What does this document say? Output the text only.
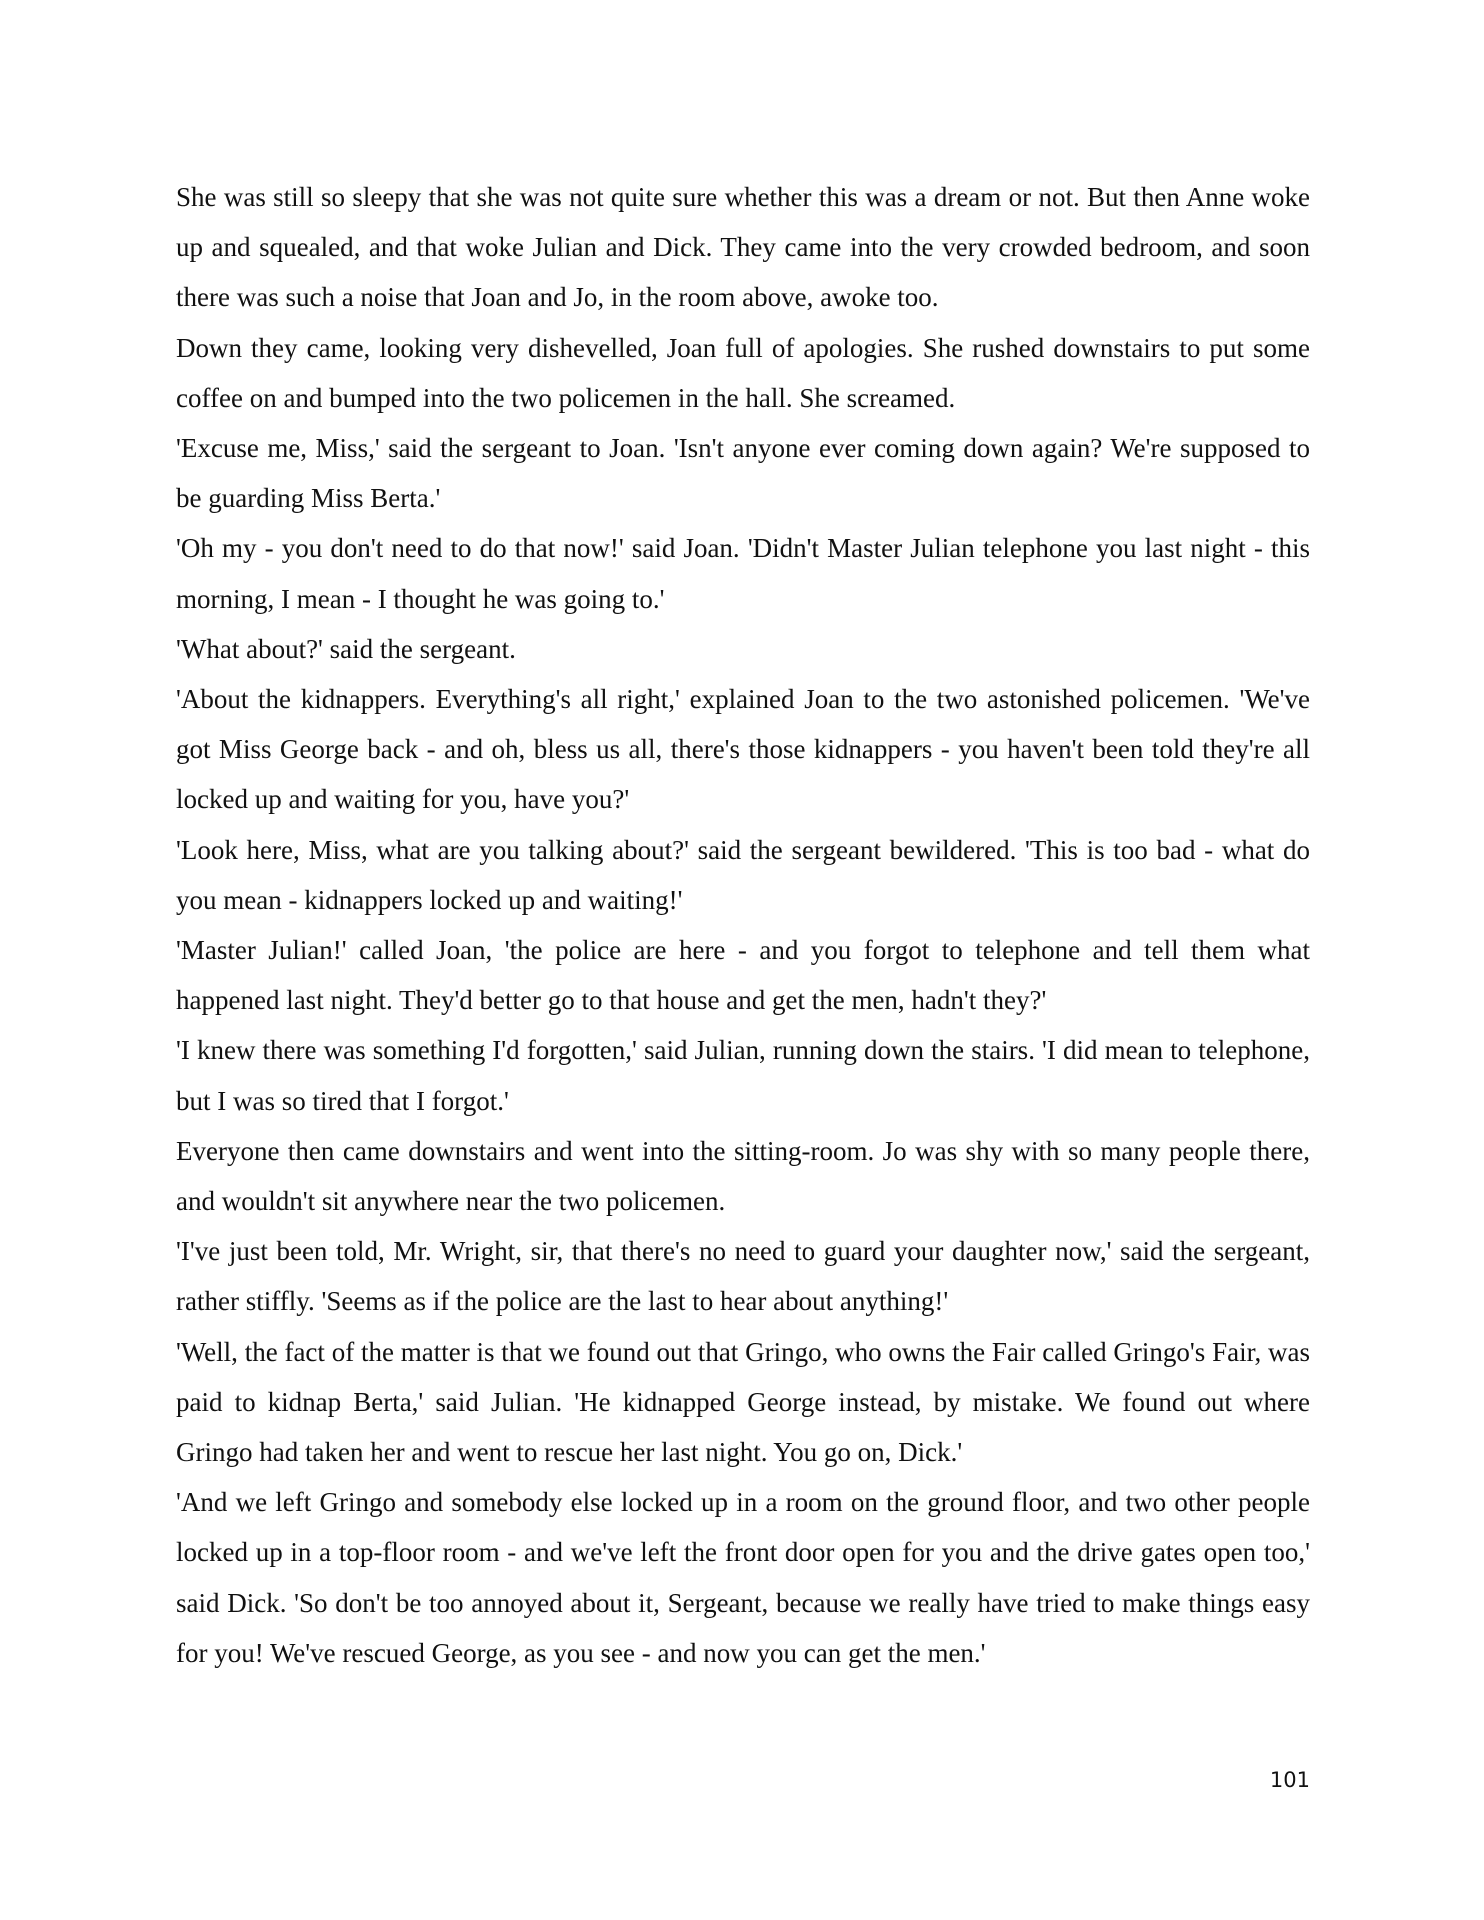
She was still so sleepy that she was not quite sure whether this was a dream or not. But then Anne woke up and squealed, and that woke Julian and Dick. They came into the very crowded bedroom, and soon there was such a noise that Joan and Jo, in the room above, awoke too.

Down they came, looking very dishevelled, Joan full of apologies. She rushed downstairs to put some coffee on and bumped into the two policemen in the hall. She screamed.

'Excuse me, Miss,' said the sergeant to Joan. 'Isn't anyone ever coming down again? We're supposed to be guarding Miss Berta.'

'Oh my - you don't need to do that now!' said Joan. 'Didn't Master Julian telephone you last night - this morning, I mean - I thought he was going to.'

'What about?' said the sergeant.

'About the kidnappers. Everything's all right,' explained Joan to the two astonished policemen. 'We've got Miss George back - and oh, bless us all, there's those kidnappers - you haven't been told they're all locked up and waiting for you, have you?'

'Look here, Miss, what are you talking about?' said the sergeant bewildered. 'This is too bad - what do you mean - kidnappers locked up and waiting!'

'Master Julian!' called Joan, 'the police are here - and you forgot to telephone and tell them what happened last night. They'd better go to that house and get the men, hadn't they?'

'I knew there was something I'd forgotten,' said Julian, running down the stairs. 'I did mean to telephone, but I was so tired that I forgot.'

Everyone then came downstairs and went into the sitting-room. Jo was shy with so many people there, and wouldn't sit anywhere near the two policemen.

'I've just been told, Mr. Wright, sir, that there's no need to guard your daughter now,' said the sergeant, rather stiffly. 'Seems as if the police are the last to hear about anything!'

'Well, the fact of the matter is that we found out that Gringo, who owns the Fair called Gringo's Fair, was paid to kidnap Berta,' said Julian. 'He kidnapped George instead, by mistake. We found out where Gringo had taken her and went to rescue her last night. You go on, Dick.'

'And we left Gringo and somebody else locked up in a room on the ground floor, and two other people locked up in a top-floor room - and we've left the front door open for you and the drive gates open too,' said Dick. 'So don't be too annoyed about it, Sergeant, because we really have tried to make things easy for you! We've rescued George, as you see - and now you can get the men.'

101
